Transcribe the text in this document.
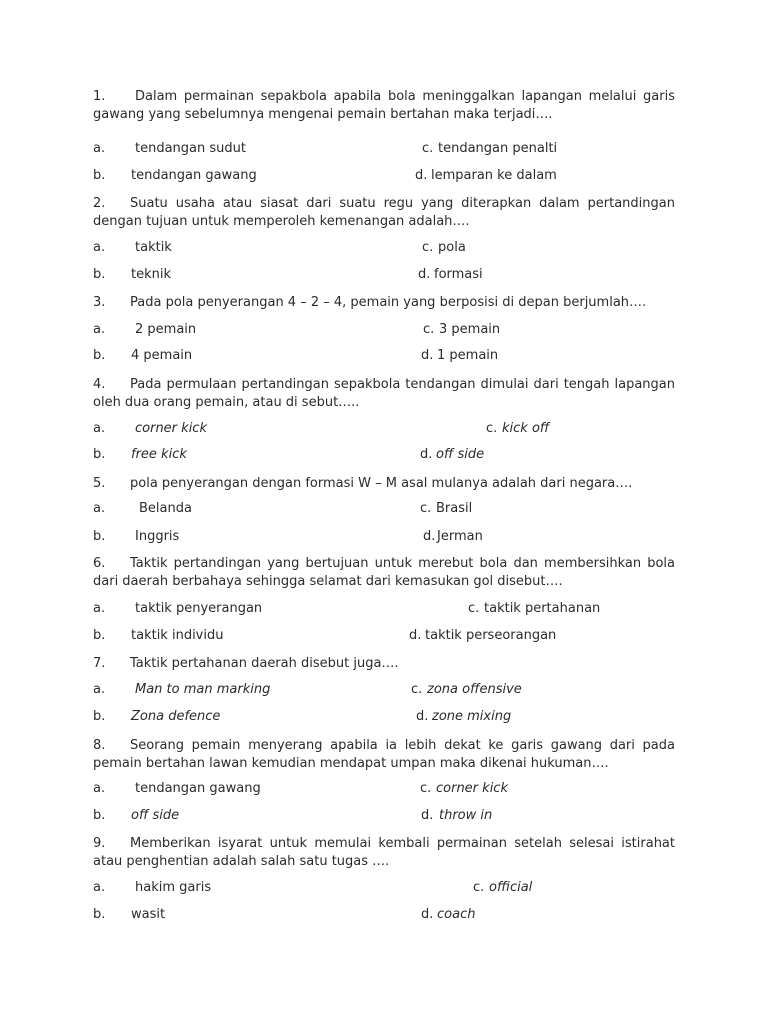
1. Dalam permainan sepakbola apabila bola meninggalkan lapangan melalui garis gawang yang sebelumnya mengenai pemain bertahan maka terjadi….

a. tendangan sudut	c. tendangan penalti
b. tendangan gawang	d. lemparan ke dalam

2. Suatu usaha atau siasat dari suatu regu yang diterapkan dalam pertandingan dengan tujuan untuk memperoleh kemenangan adalah….

a. taktik	c. pola
b. teknik	d. formasi

3. Pada pola penyerangan 4 – 2 – 4, pemain yang berposisi di depan berjumlah….

a. 2 pemain	c. 3 pemain
b. 4 pemain	d. 1 pemain

4. Pada permulaan pertandingan sepakbola tendangan dimulai dari tengah lapangan oleh dua orang pemain, atau di sebut…..

a. corner kick	c. kick off
b. free kick	d. off side

5. pola penyerangan dengan formasi W – M asal mulanya adalah dari negara….

a.	Belanda	c. Brasil
b. Inggris	d. Jerman

6. Taktik pertandingan yang bertujuan untuk merebut bola dan membersihkan bola dari daerah berbahaya sehingga selamat dari kemasukan gol disebut….

a. taktik penyerangan	c. taktik pertahanan
b. taktik individu	d. taktik perseorangan

7. Taktik pertahanan daerah disebut juga….

a. Man to man marking	c. zona offensive
b. Zona defence	d. zone mixing

8. Seorang pemain menyerang apabila ia lebih dekat ke garis gawang dari pada pemain bertahan lawan kemudian mendapat umpan maka dikenai hukuman….

a. tendangan gawang	c. corner kick
b. off side	d. throw in

9. Memberikan isyarat untuk memulai kembali permainan setelah selesai istirahat atau penghentian adalah salah satu tugas ….

a. hakim garis	c. official
b. wasit	d. coach
